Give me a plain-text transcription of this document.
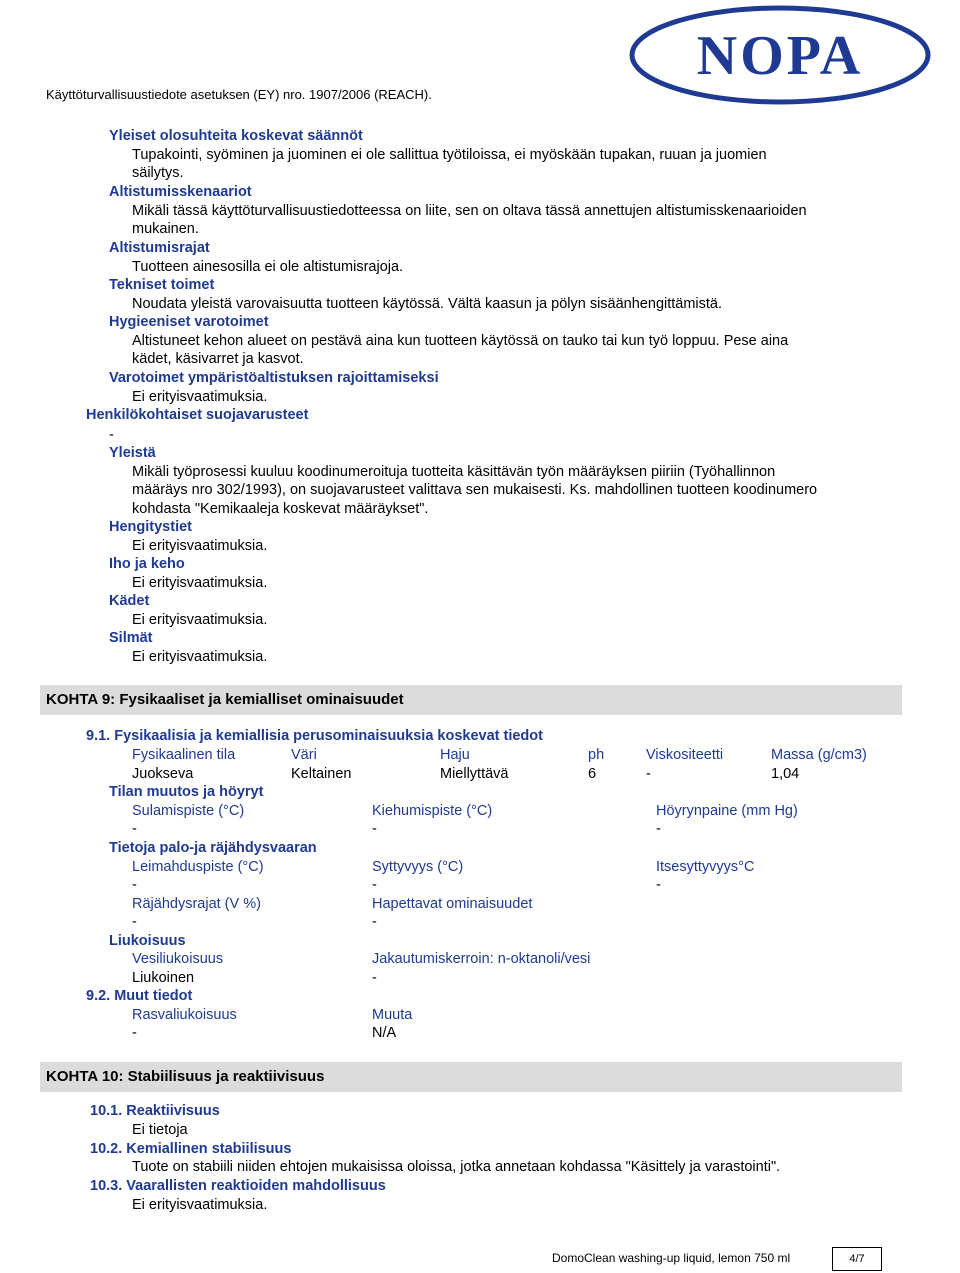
NOPA
Käyttöturvallisuustiedote asetuksen (EY) nro. 1907/2006 (REACH).
Yleiset olosuhteita koskevat säännöt
Tupakointi, syöminen ja juominen ei ole sallittua työtiloissa, ei myöskään tupakan, ruuan ja juomien
säilytys.
Altistumisskenaariot
Mikäli tässä käyttöturvallisuustiedotteessa on liite, sen on oltava tässä annettujen altistumisskenaarioiden
mukainen.
Altistumisrajat
Tuotteen ainesosilla ei ole altistumisrajoja.
Tekniset toimet
Noudata yleistä varovaisuutta tuotteen käytössä. Vältä kaasun ja pölyn sisäänhengittämistä.
Hygieeniset varotoimet
Altistuneet kehon alueet on pestävä aina kun tuotteen käytössä on tauko tai kun työ loppuu. Pese aina
kädet, käsivarret ja kasvot.
Varotoimet ympäristöaltistuksen rajoittamiseksi
Ei erityisvaatimuksia.
Henkilökohtaiset suojavarusteet
-
Yleistä
Mikäli työprosessi kuuluu koodinumeroituja tuotteita käsittävän työn määräyksen piiriin (Työhallinnon
määräys nro 302/1993), on suojavarusteet valittava sen mukaisesti. Ks. mahdollinen tuotteen koodinumero
kohdasta "Kemikaaleja koskevat määräykset".
Hengitystiet
Ei erityisvaatimuksia.
Iho ja keho
Ei erityisvaatimuksia.
Kädet
Ei erityisvaatimuksia.
Silmät
Ei erityisvaatimuksia.
KOHTA 9: Fysikaaliset ja kemialliset ominaisuudet
9.1. Fysikaalisia ja kemiallisia perusominaisuuksia koskevat tiedot
Fysikaalinen tila	Väri	Haju	ph	Viskositeetti	Massa (g/cm3)
Juokseva	Keltainen	Miellyttävä	6	-	1,04
Tilan muutos ja höyryt
Sulamispiste (°C)	Kiehumispiste (°C)	Höyrynpaine (mm Hg)
-	-	-
Tietoja palo-ja räjähdysvaaran
Leimahduspiste (°C)	Syttyvyys (°C)	Itsesyttyvyys°C
-	-	-
Räjähdysrajat (V %)	Hapettavat ominaisuudet
-	-
Liukoisuus
Vesiliukoisuus	Jakautumiskerroin: n-oktanoli/vesi
Liukoinen	-
9.2. Muut tiedot
Rasvaliukoisuus	Muuta
-	N/A
KOHTA 10: Stabiilisuus ja reaktiivisuus
10.1. Reaktiivisuus
Ei tietoja
10.2. Kemiallinen stabiilisuus
Tuote on stabiili niiden ehtojen mukaisissa oloissa, jotka annetaan kohdassa "Käsittely ja varastointi".
10.3. Vaarallisten reaktioiden mahdollisuus
Ei erityisvaatimuksia.
DomoClean washing-up liquid, lemon 750 ml	4/7
